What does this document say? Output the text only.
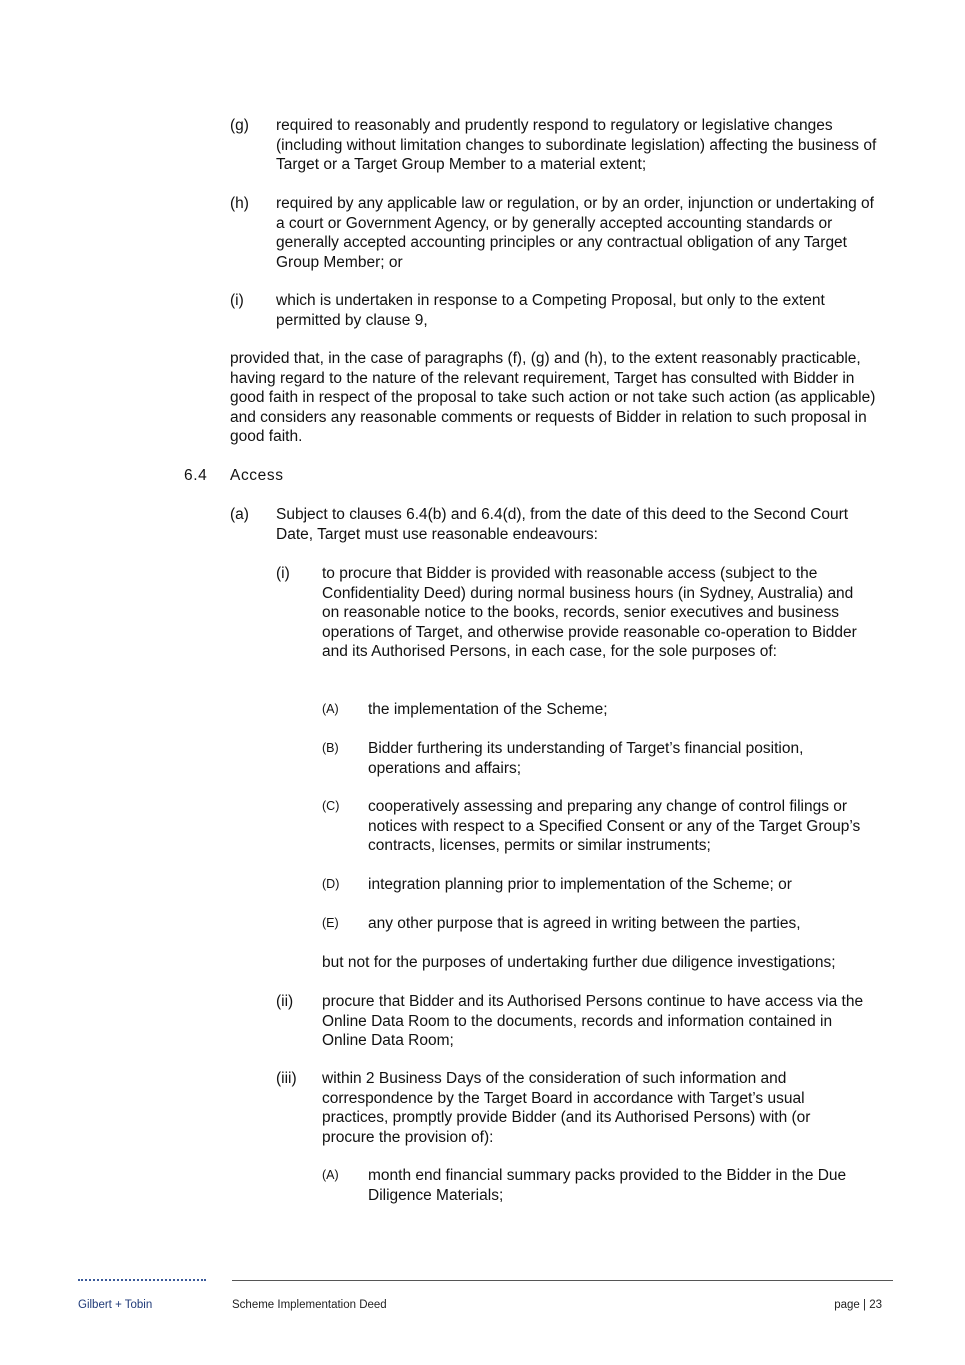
(g) required to reasonably and prudently respond to regulatory or legislative changes (including without limitation changes to subordinate legislation) affecting the business of Target or a Target Group Member to a material extent;
(h) required by any applicable law or regulation, or by an order, injunction or undertaking of a court or Government Agency, or by generally accepted accounting standards or generally accepted accounting principles or any contractual obligation of any Target Group Member; or
(i) which is undertaken in response to a Competing Proposal, but only to the extent permitted by clause 9,
provided that, in the case of paragraphs (f), (g) and (h), to the extent reasonably practicable, having regard to the nature of the relevant requirement, Target has consulted with Bidder in good faith in respect of the proposal to take such action or not take such action (as applicable) and considers any reasonable comments or requests of Bidder in relation to such proposal in good faith.
6.4 Access
(a) Subject to clauses 6.4(b) and 6.4(d), from the date of this deed to the Second Court Date, Target must use reasonable endeavours:
(i) to procure that Bidder is provided with reasonable access (subject to the Confidentiality Deed) during normal business hours (in Sydney, Australia) and on reasonable notice to the books, records, senior executives and business operations of Target, and otherwise provide reasonable co-operation to Bidder and its Authorised Persons, in each case, for the sole purposes of:
(A) the implementation of the Scheme;
(B) Bidder furthering its understanding of Target’s financial position, operations and affairs;
(C) cooperatively assessing and preparing any change of control filings or notices with respect to a Specified Consent or any of the Target Group’s contracts, licenses, permits or similar instruments;
(D) integration planning prior to implementation of the Scheme; or
(E) any other purpose that is agreed in writing between the parties,
but not for the purposes of undertaking further due diligence investigations;
(ii) procure that Bidder and its Authorised Persons continue to have access via the Online Data Room to the documents, records and information contained in Online Data Room;
(iii) within 2 Business Days of the consideration of such information and correspondence by the Target Board in accordance with Target’s usual practices, promptly provide Bidder (and its Authorised Persons) with (or procure the provision of):
(A) month end financial summary packs provided to the Bidder in the Due Diligence Materials;
Gilbert + Tobin	Scheme Implementation Deed	page | 23
